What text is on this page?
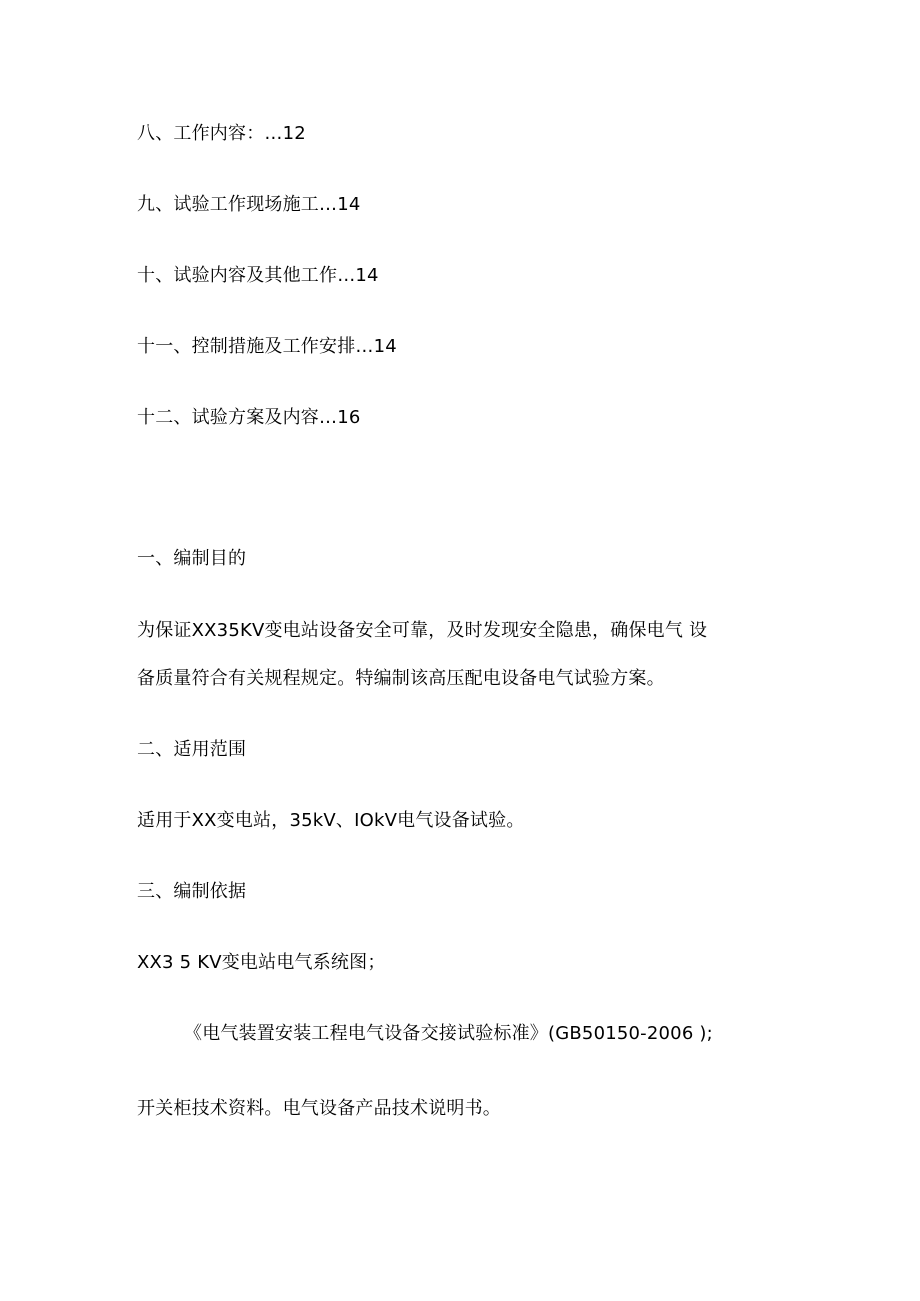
八、工作内容：…12
九、试验工作现场施工…14
十、试验内容及其他工作…14
十一、控制措施及工作安排…14
十二、试验方案及内容…16
一、编制目的
为保证XX35KV变电站设备安全可靠，及时发现安全隐患，确保电气 设
备质量符合有关规程规定。特编制该高压配电设备电气试验方案。
二、适用范围
适用于XX变电站，35kV、IOkV电气设备试验。
三、编制依据
XX3 5 KV变电站电气系统图；
《电气装置安装工程电气设备交接试验标准》(GB50150-2006 );
开关柜技术资料。电气设备产品技术说明书。
